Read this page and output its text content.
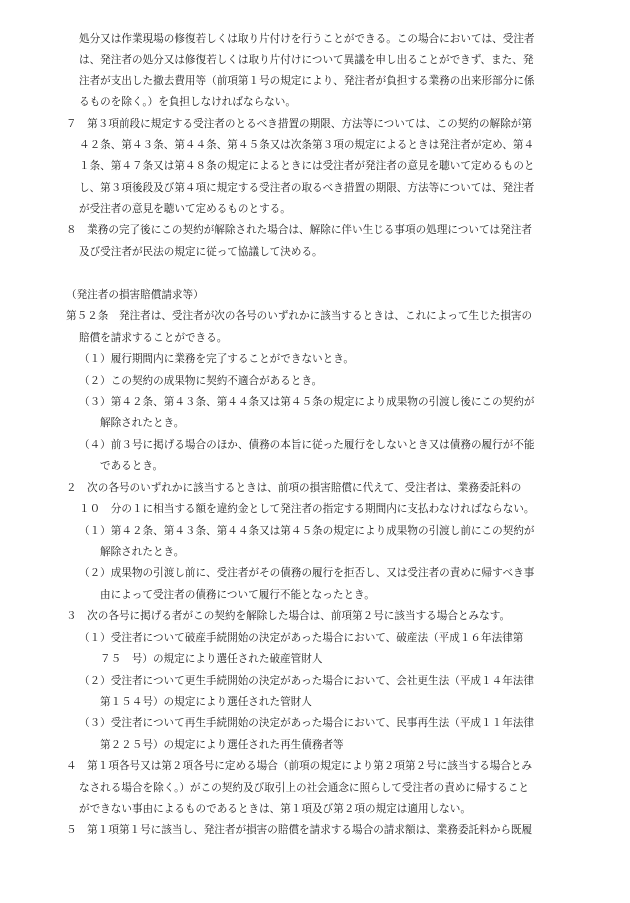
処分又は作業現場の修復若しくは取り片付けを行うことができる。この場合においては、受注者
は、発注者の処分又は修復若しくは取り片付けについて異議を申し出ることができず、また、発
注者が支出した撤去費用等（前項第１号の規定により、発注者が負担する業務の出来形部分に係
るものを除く。）を負担しなければならない。
７　第３項前段に規定する受注者のとるべき措置の期限、方法等については、この契約の解除が第
４２条、第４３条、第４４条、第４５条又は次条第３項の規定によるときは発注者が定め、第４
１条、第４７条又は第４８条の規定によるときには受注者が発注者の意見を聴いて定めるものと
し、第３項後段及び第４項に規定する受注者の取るべき措置の期限、方法等については、発注者
が受注者の意見を聴いて定めるものとする。
８　業務の完了後にこの契約が解除された場合は、解除に伴い生じる事項の処理については発注者
及び受注者が民法の規定に従って協議して決める。
（発注者の損害賠償請求等）
第５２条　発注者は、受注者が次の各号のいずれかに該当するときは、これによって生じた損害の
賠償を請求することができる。
（１）履行期間内に業務を完了することができないとき。
（２）この契約の成果物に契約不適合があるとき。
（３）第４２条、第４３条、第４４条又は第４５条の規定により成果物の引渡し後にこの契約が
解除されたとき。
（４）前３号に掲げる場合のほか、債務の本旨に従った履行をしないとき又は債務の履行が不能
であるとき。
２　次の各号のいずれかに該当するときは、前項の損害賠償に代えて、受注者は、業務委託料の
１０　分の１に相当する額を違約金として発注者の指定する期間内に支払わなければならない。
（１）第４２条、第４３条、第４４条又は第４５条の規定により成果物の引渡し前にこの契約が
解除されたとき。
（２）成果物の引渡し前に、受注者がその債務の履行を拒否し、又は受注者の責めに帰すべき事
由によって受注者の債務について履行不能となったとき。
３　次の各号に掲げる者がこの契約を解除した場合は、前項第２号に該当する場合とみなす。
（１）受注者について破産手続開始の決定があった場合において、破産法（平成１６年法律第
７５　号）の規定により選任された破産管財人
（２）受注者について更生手続開始の決定があった場合において、会社更生法（平成１４年法律
第１５４号）の規定により選任された管財人
（３）受注者について再生手続開始の決定があった場合において、民事再生法（平成１１年法律
第２２５号）の規定により選任された再生債務者等
４　第１項各号又は第２項各号に定める場合（前項の規定により第２項第２号に該当する場合とみ
なされる場合を除く。）がこの契約及び取引上の社会通念に照らして受注者の責めに帰すること
ができない事由によるものであるときは、第１項及び第２項の規定は適用しない。
５　第１項第１号に該当し、発注者が損害の賠償を請求する場合の請求額は、業務委託料から既履
